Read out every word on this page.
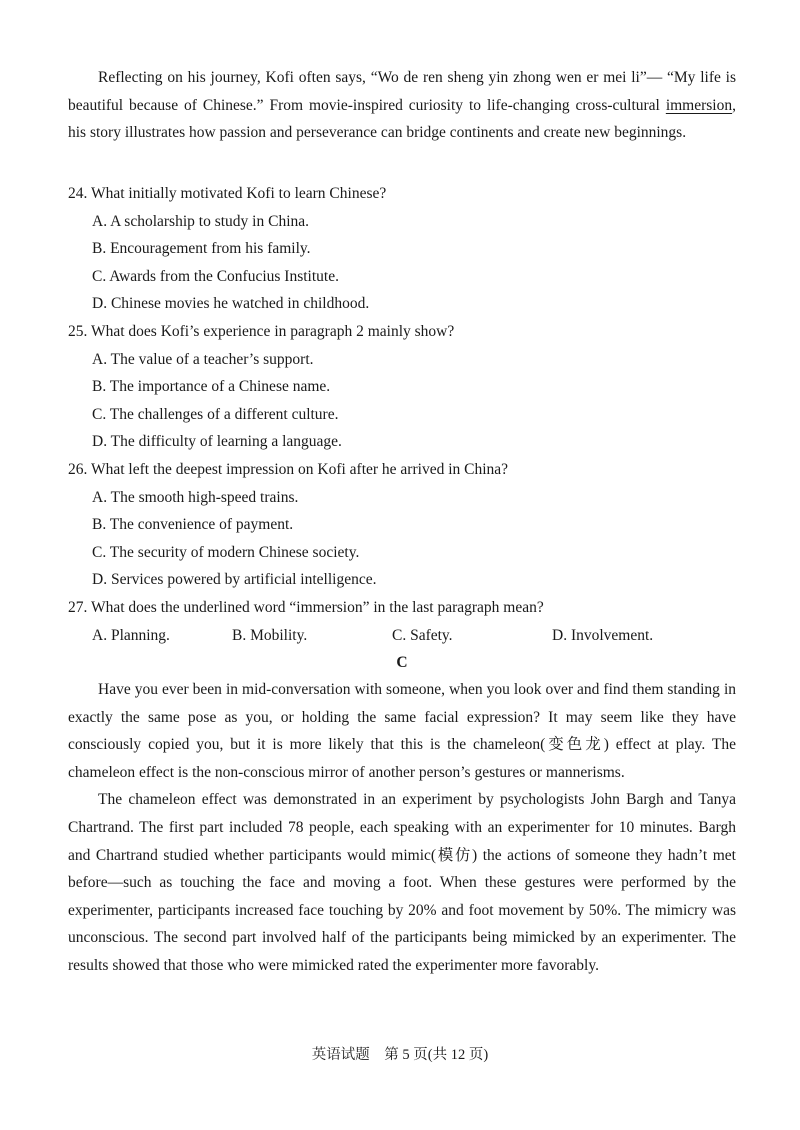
Reflecting on his journey, Kofi often says, “Wo de ren sheng yin zhong wen er mei li”— “My life is beautiful because of Chinese.” From movie-inspired curiosity to life-changing cross-cultural immersion, his story illustrates how passion and perseverance can bridge continents and create new beginnings.

24. What initially motivated Kofi to learn Chinese?

A. A scholarship to study in China.

B. Encouragement from his family.

C. Awards from the Confucius Institute.

D. Chinese movies he watched in childhood.

25. What does Kofi’s experience in paragraph 2 mainly show?

A. The value of a teacher’s support.

B. The importance of a Chinese name.

C. The challenges of a different culture.

D. The difficulty of learning a language.

26. What left the deepest impression on Kofi after he arrived in China?

A. The smooth high-speed trains.

B. The convenience of payment.

C. The security of modern Chinese society.

D. Services powered by artificial intelligence.

27. What does the underlined word “immersion” in the last paragraph mean?

A. Planning.	B. Mobility.	C. Safety.	D. Involvement.

C

Have you ever been in mid-conversation with someone, when you look over and find them standing in exactly the same pose as you, or holding the same facial expression? It may seem like they have consciously copied you, but it is more likely that this is the chameleon(变色龙) effect at play. The chameleon effect is the non-conscious mirror of another person’s gestures or mannerisms.

The chameleon effect was demonstrated in an experiment by psychologists John Bargh and Tanya Chartrand. The first part included 78 people, each speaking with an experimenter for 10 minutes. Bargh and Chartrand studied whether participants would mimic(模仿) the actions of someone they hadn’t met before—such as touching the face and moving a foot. When these gestures were performed by the experimenter, participants increased face touching by 20% and foot movement by 50%. The mimicry was unconscious. The second part involved half of the participants being mimicked by an experimenter. The results showed that those who were mimicked rated the experimenter more favorably.

英语试题　第 5 页(共 12 页)
